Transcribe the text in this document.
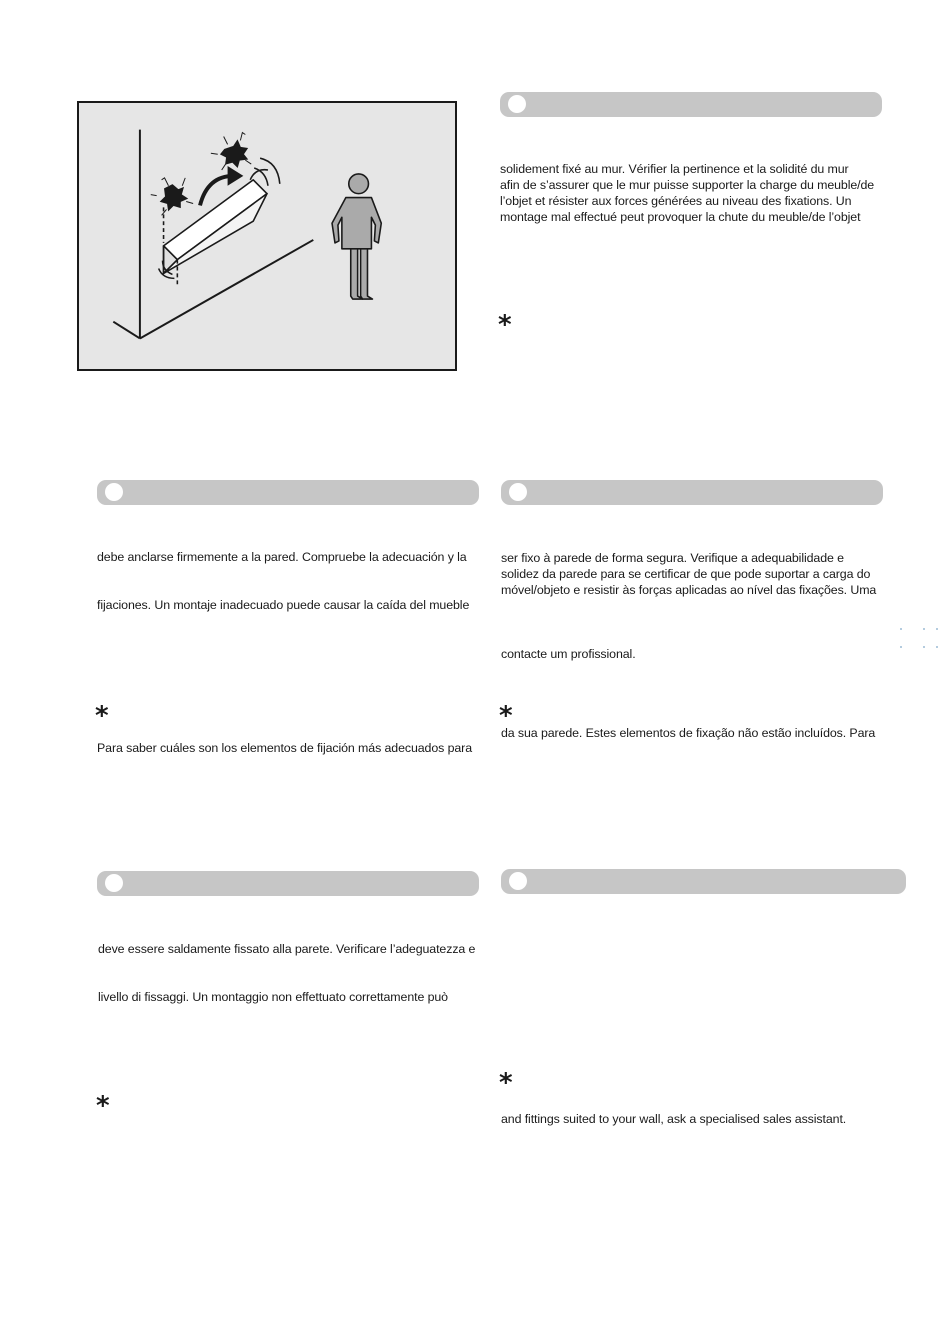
solidement fixé au mur. Vérifier la pertinence et la solidité du mur
afin de s’assurer que le mur puisse supporter la charge du meuble/de
l’objet et résister aux forces générées au niveau des fixations. Un
montage mal effectué peut provoquer la chute du meuble/de l’objet
*
debe anclarse firmemente a la pared. Compruebe la adecuación y la
fijaciones. Un montaje inadecuado puede causar la caída del mueble
*
Para saber cuáles son los elementos de fijación más adecuados para
ser fixo à parede de forma segura. Verifique a adequabilidade e
solidez da parede para se certificar de que pode suportar a carga do
móvel/objeto e resistir às forças aplicadas ao nível das fixações. Uma
contacte um profissional.
*
da sua parede. Estes elementos de fixação não estão incluídos. Para
deve essere saldamente fissato alla parete. Verificare l’adeguatezza e
livello di fissaggi. Un montaggio non effettuato correttamente può
*
*
and fittings suited to your wall, ask a specialised sales assistant.
